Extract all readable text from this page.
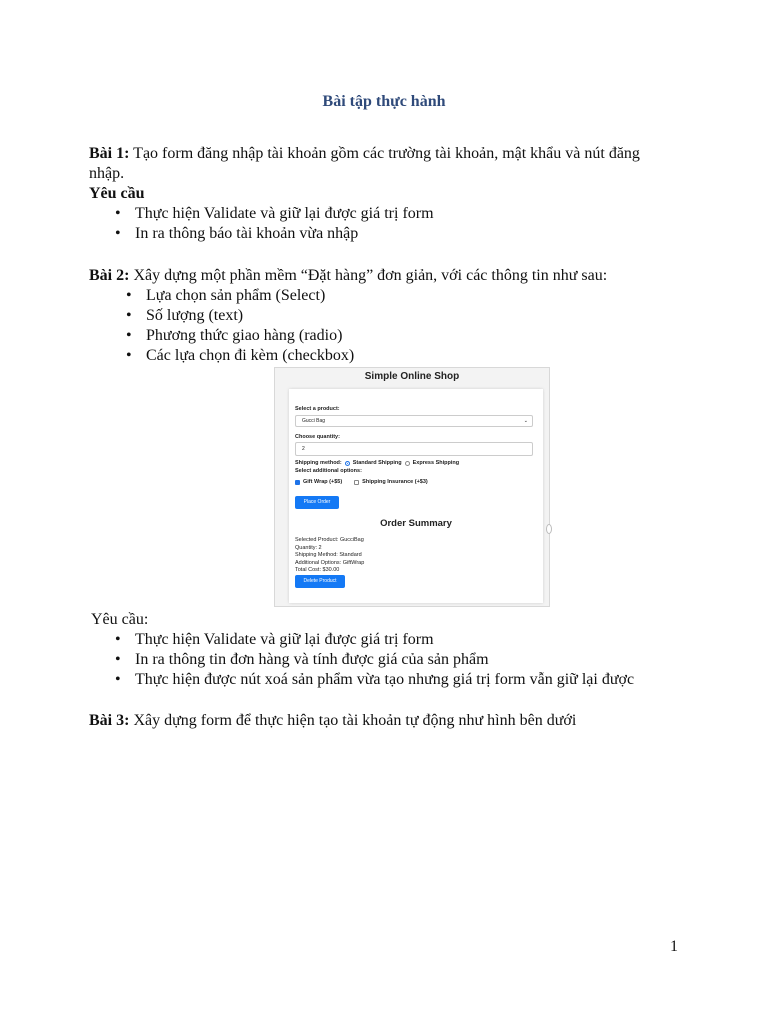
Bài tập thực hành
Bài 1: Tạo form đăng nhập tài khoản gồm các trường tài khoản, mật khẩu và nút đăng nhập.
Yêu cầu
• Thực hiện Validate và giữ lại được giá trị form
• In ra thông báo tài khoản vừa nhập
Bài 2: Xây dựng một phần mềm “Đặt hàng” đơn giản, với các thông tin như sau:
• Lựa chọn sản phẩm (Select)
• Số lượng (text)
• Phương thức giao hàng (radio)
• Các lựa chọn đi kèm (checkbox)
Simple Online Shop
Select a product:
Gucci Bag	⌄
Choose quantity:
2
Shipping method: Standard Shipping Express Shipping
Select additional options:
Gift Wrap (+$5)	Shipping Insurance (+$3)
Place Order
Order Summary
Selected Product: GucciBag
Quantity: 2
Shipping Method: Standard
Additional Options: GiftWrap
Total Cost: $30.00
Delete Product
Yêu cầu:
• Thực hiện Validate và giữ lại được giá trị form
• In ra thông tin đơn hàng và tính được giá của sản phẩm
• Thực hiện được nút xoá sản phẩm vừa tạo nhưng giá trị form vẫn giữ lại được
Bài 3: Xây dựng form để thực hiện tạo tài khoản tự động như hình bên dưới
1
